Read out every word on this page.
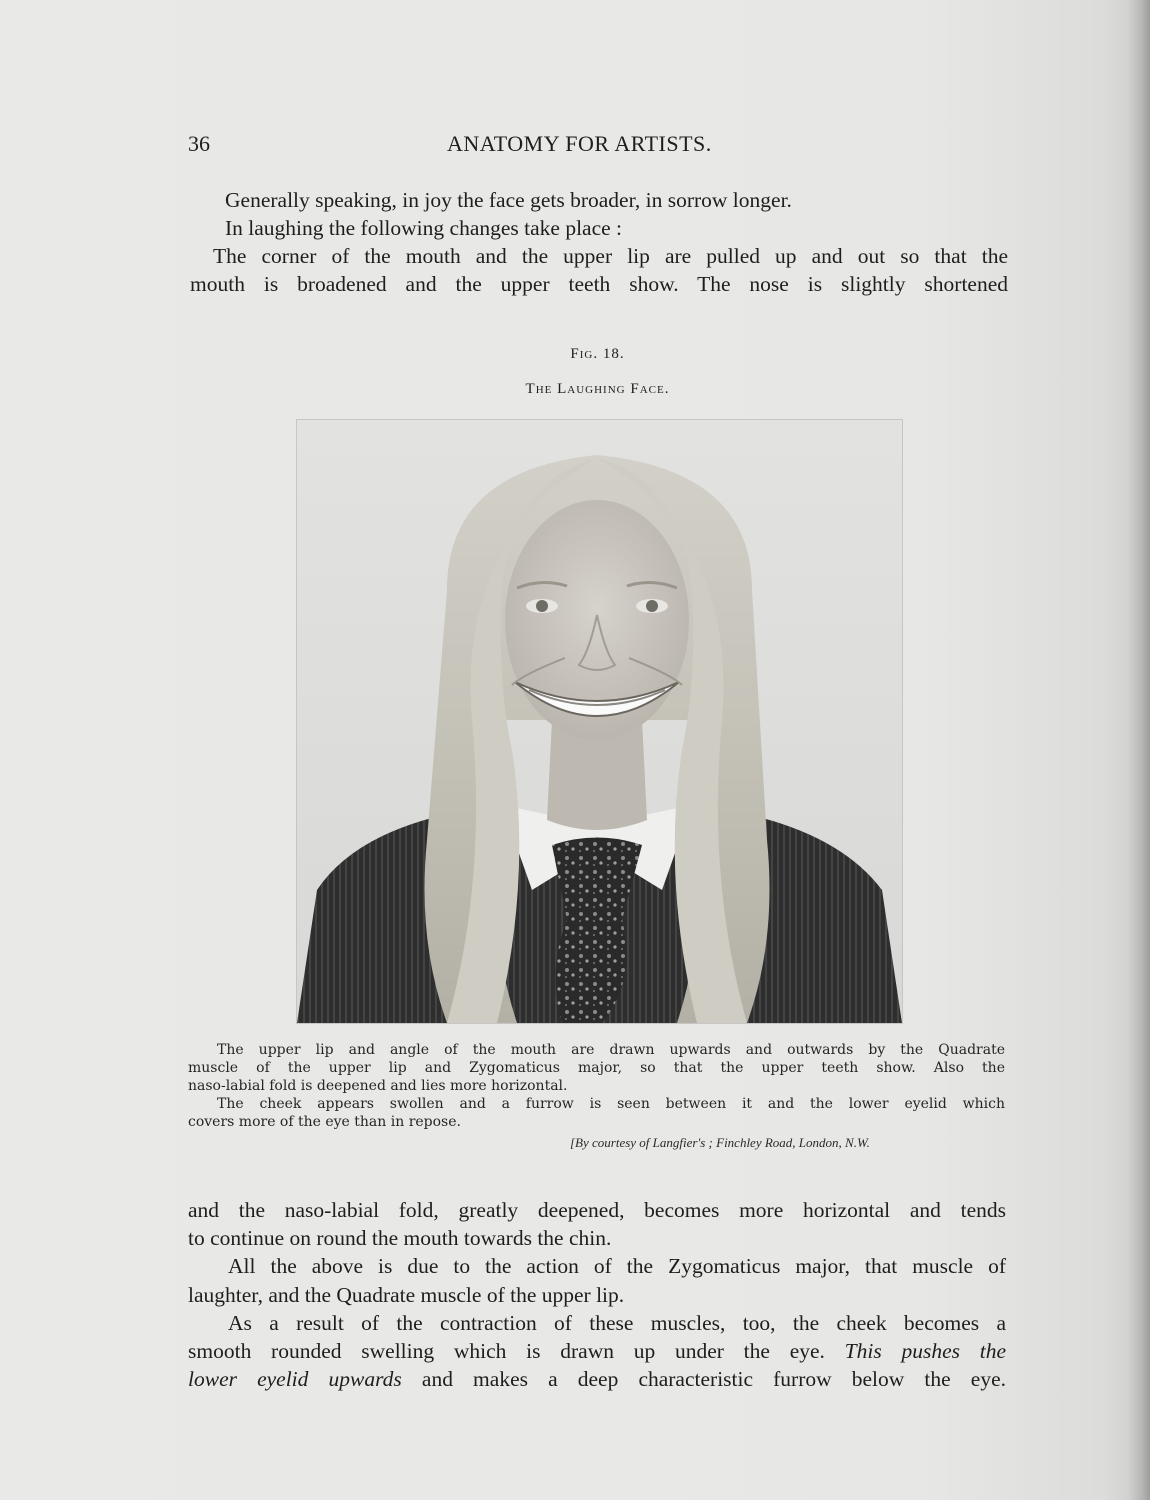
36	ANATOMY FOR ARTISTS.
Generally speaking, in joy the face gets broader, in sorrow longer.
In laughing the following changes take place :
The corner of the mouth and the upper lip are pulled up and out so that the
mouth is broadened and the upper teeth show. The nose is slightly shortened
Fig. 18.
The Laughing Face.
The upper lip and angle of the mouth are drawn upwards and outwards by the Quadrate
muscle of the upper lip and Zygomaticus major, so that the upper teeth show. Also the
naso-labial fold is deepened and lies more horizontal.
The cheek appears swollen and a furrow is seen between it and the lower eyelid which
covers more of the eye than in repose.
[By courtesy of Langfier's ; Finchley Road, London, N.W.
and the naso-labial fold, greatly deepened, becomes more horizontal and tends
to continue on round the mouth towards the chin.
All the above is due to the action of the Zygomaticus major, that muscle of
laughter, and the Quadrate muscle of the upper lip.
As a result of the contraction of these muscles, too, the cheek becomes a
smooth rounded swelling which is drawn up under the eye. This pushes the
lower eyelid upwards and makes a deep characteristic furrow below the eye.
